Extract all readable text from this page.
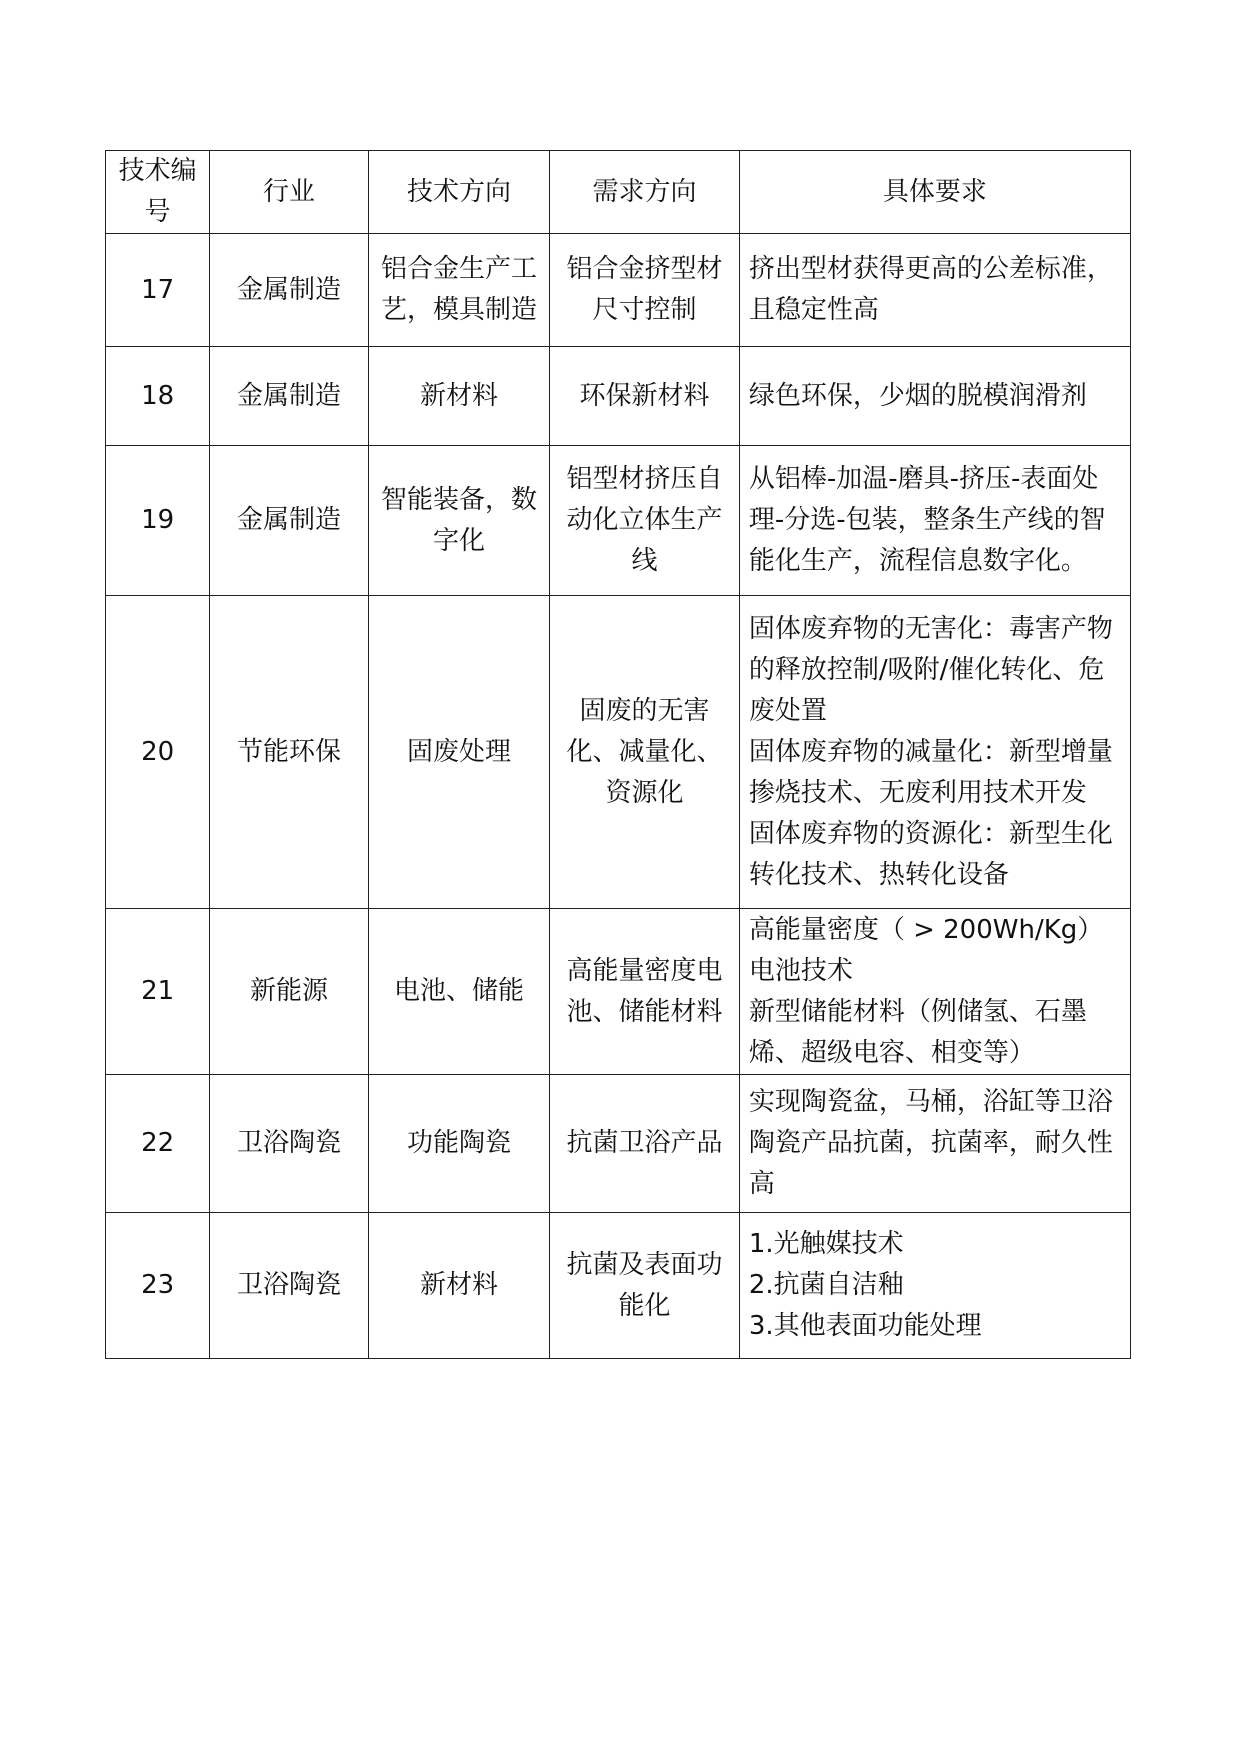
技术编号	行业	技术方向	需求方向	具体要求
17	金属制造	铝合金生产工艺，模具制造	铝合金挤型材尺寸控制	挤出型材获得更高的公差标准，且稳定性高

18	金属制造	新材料	环保新材料	绿色环保，少烟的脱模润滑剂

19	金属制造	智能装备，数字化	铝型材挤压自动化立体生产线	从铝棒-加温-磨具-挤压-表面处理-分选-包装，整条生产线的智能化生产，流程信息数字化。

20	节能环保	固废处理	固废的无害化、减量化、资源化	固体废弃物的无害化：毒害产物的释放控制/吸附/催化转化、危废处置
固体废弃物的减量化：新型增量掺烧技术、无废利用技术开发
固体废弃物的资源化：新型生化转化技术、热转化设备

21	新能源	电池、储能	高能量密度电池、储能材料	高能量密度（ > 200Wh/Kg）电池技术
新型储能材料（例储氢、石墨烯、超级电容、相变等）

22	卫浴陶瓷	功能陶瓷	抗菌卫浴产品	实现陶瓷盆，马桶，浴缸等卫浴陶瓷产品抗菌，抗菌率，耐久性高

23	卫浴陶瓷	新材料	抗菌及表面功能化	1.光触媒技术
2.抗菌自洁釉
3.其他表面功能处理
